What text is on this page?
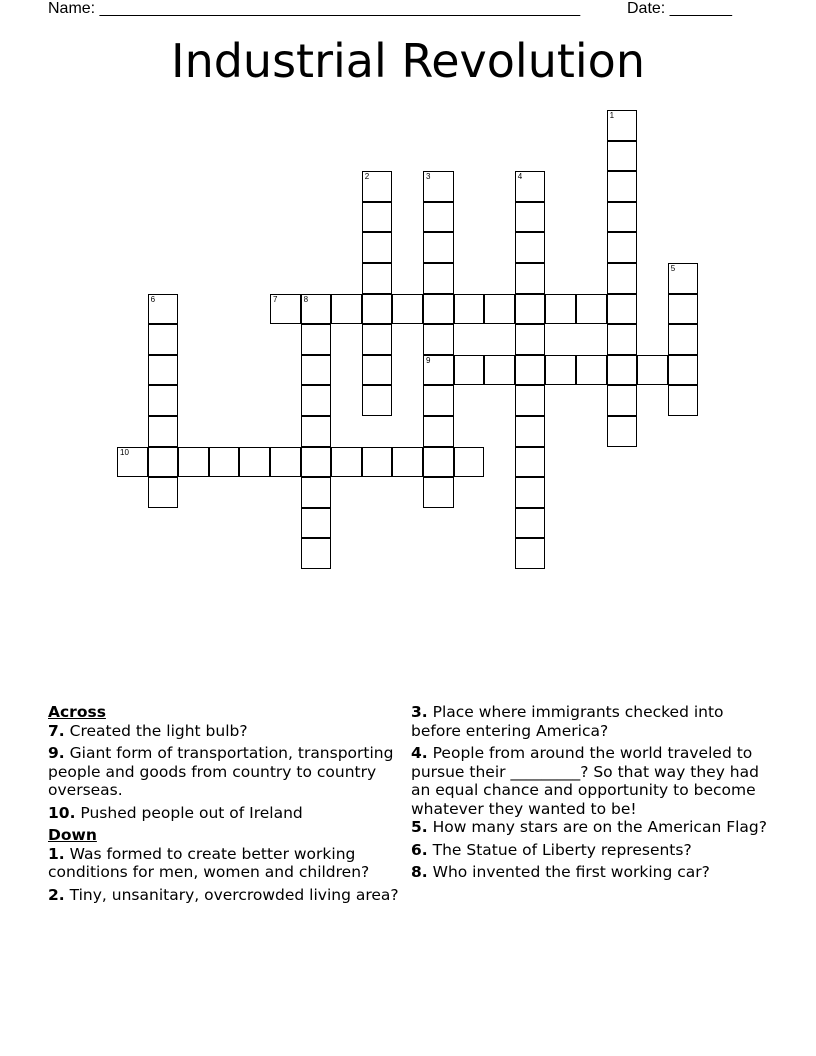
Name: ______________________________________________________	Date: _______
Industrial Revolution
1
2	3
9
4
5
6	7	8
10
Across
7. Created the light bulb?
9. Giant form of transportation, transporting people and goods from country to country overseas.
10. Pushed people out of Ireland
Down
1. Was formed to create better working conditions for men, women and children?
2. Tiny, unsanitary, overcrowded living area?
3. Place where immigrants checked into before entering America?
4. People from around the world traveled to pursue their _________? So that way they had an equal chance and opportunity to become whatever they wanted to be!
5. How many stars are on the American Flag?
6. The Statue of Liberty represents?
8. Who invented the first working car?
